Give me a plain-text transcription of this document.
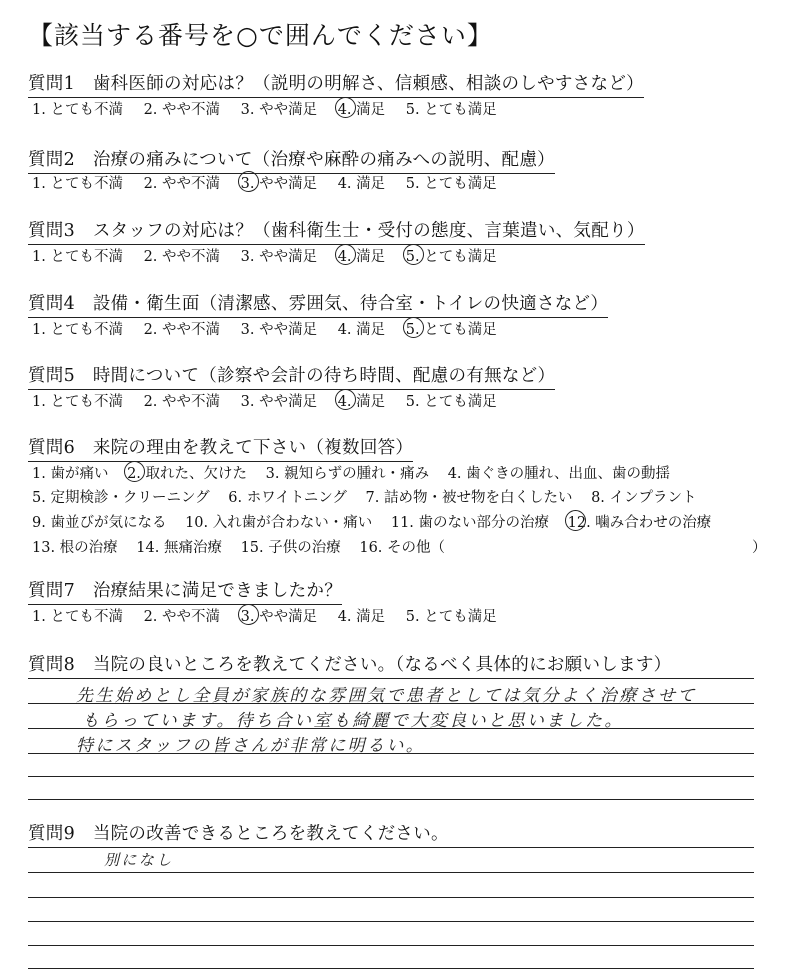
【該当する番号を○で囲んでください】
質問1　歯科医師の対応は？（説明の明解さ、信頼感、相談のしやすさなど）
1. とても不満 2. やや不満 3. やや満足 4. 満足 5. とても満足
質問2　治療の痛みについて（治療や麻酔の痛みへの説明、配慮）
1. とても不満 2. やや不満 3. やや満足 4. 満足 5. とても満足
質問3　スタッフの対応は？（歯科衛生士・受付の態度、言葉遣い、気配り）
1. とても不満 2. やや不満 3. やや満足 4. 満足 5. とても満足
質問4　設備・衛生面（清潔感、雰囲気、待合室・トイレの快適さなど）
1. とても不満 2. やや不満 3. やや満足 4. 満足 5. とても満足
質問5　時間について（診察や会計の待ち時間、配慮の有無など）
1. とても不満 2. やや不満 3. やや満足 4. 満足 5. とても満足
質問6　来院の理由を教えて下さい（複数回答）
1. 歯が痛い 2. 取れた、欠けた 3. 親知らずの腫れ・痛み 4. 歯ぐきの腫れ、出血、歯の動揺
5. 定期検診・クリーニング 6. ホワイトニング 7. 詰め物・被せ物を白くしたい 8. インプラント
9. 歯並びが気になる 10. 入れ歯が合わない・痛い 11. 歯のない部分の治療 12. 噛み合わせの治療
13. 根の治療 14. 無痛治療 15. 子供の治療 16. その他（	）
質問7　治療結果に満足できましたか？
1. とても不満 2. やや不満 3. やや満足 4. 満足 5. とても満足
質問8　当院の良いところを教えてください。（なるべく具体的にお願いします）
先生始めとし全員が家族的な雰囲気で患者としては気分よく治療させて
もらっています。待ち合い室も綺麗で大変良いと思いました。
特にスタッフの皆さんが非常に明るい。
質問9　当院の改善できるところを教えてください。
別になし
